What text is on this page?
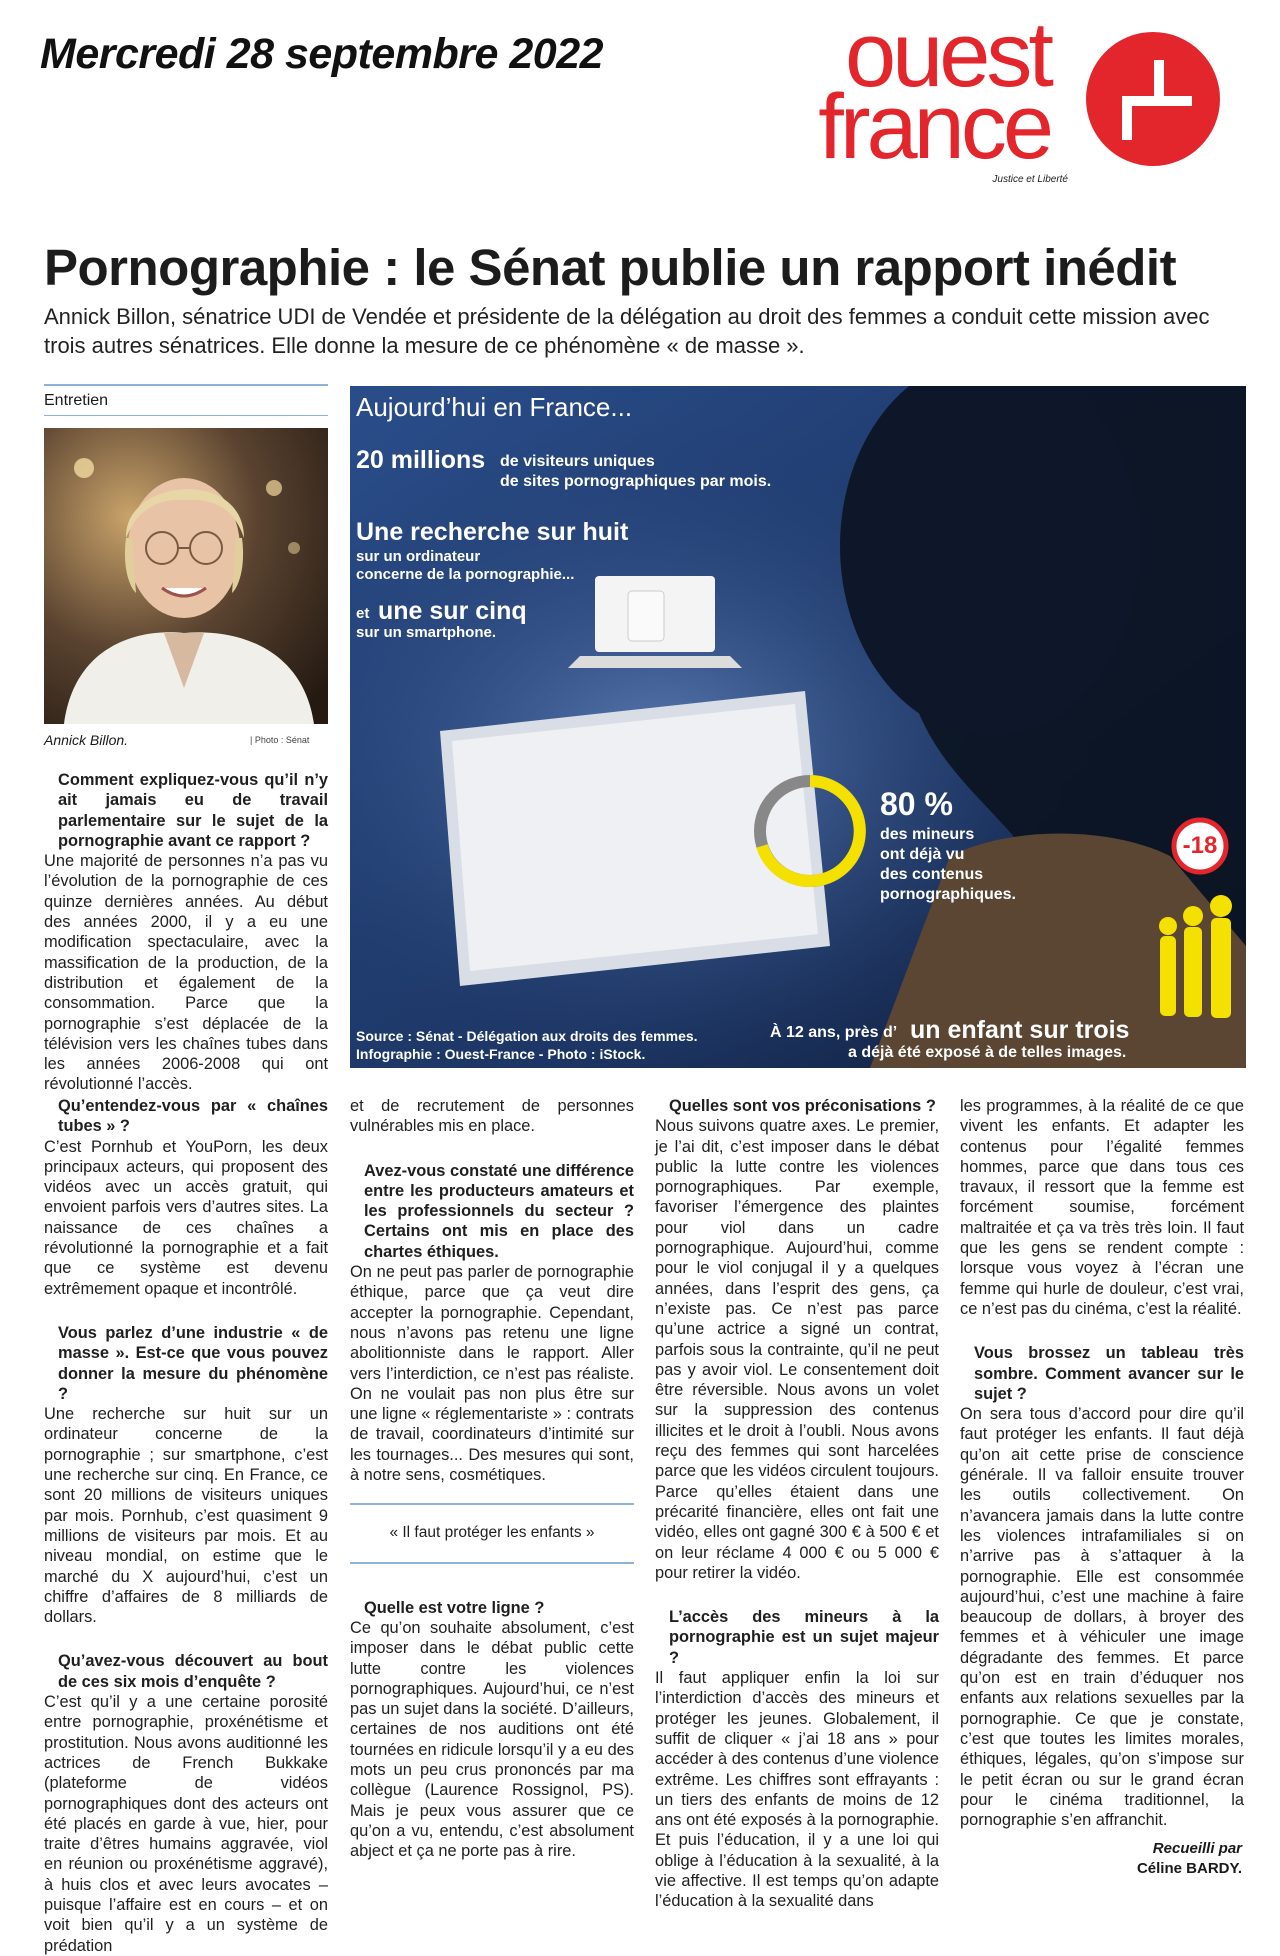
Mercredi 28 septembre 2022	ouest
france
Justice et Liberté
Pornographie : le Sénat publie un rapport inédit
Annick Billon, sénatrice UDI de Vendée et présidente de la délégation au droit des femmes a conduit cette mission avec trois autres sénatrices. Elle donne la mesure de ce phénomène « de masse ».
Entretien
Annick Billon.	| Photo : Sénat
Aujourd’hui en France...
20 millions de visiteurs uniques
de sites pornographiques par mois.
Une recherche sur huit
sur un ordinateur
concerne de la pornographie...
et une sur cinq
sur un smartphone.
80 %
des mineurs
ont déjà vu
des contenus
pornographiques.
-18
Source : Sénat - Délégation aux droits des femmes.
Infographie : Ouest-France - Photo : iStock.
À 12 ans, près d’ un enfant sur trois
a déjà été exposé à de telles images.

Comment expliquez-vous qu’il n’y ait jamais eu de travail parlementaire sur le sujet de la pornographie avant ce rapport ?

Une majorité de personnes n’a pas vu l’évolution de la pornographie de ces quinze dernières années. Au début des années 2000, il y a eu une modification spectaculaire, avec la massification de la production, de la distribution et également de la consommation. Parce que la pornographie s’est déplacée de la télévision vers les chaînes tubes dans les années 2006-2008 qui ont révolutionné l’accès.

Qu’entendez-vous par « chaînes tubes » ?

C’est Pornhub et YouPorn, les deux principaux acteurs, qui proposent des vidéos avec un accès gratuit, qui envoient parfois vers d’autres sites. La naissance de ces chaînes a révolutionné la pornographie et a fait que ce système est devenu extrêmement opaque et incontrôlé.

Vous parlez d’une industrie « de masse ». Est-ce que vous pouvez donner la mesure du phénomène ?

Une recherche sur huit sur un ordinateur concerne de la pornographie ; sur smartphone, c’est une recherche sur cinq. En France, ce sont 20 millions de visiteurs uniques par mois. Pornhub, c’est quasiment 9 millions de visiteurs par mois. Et au niveau mondial, on estime que le marché du X aujourd’hui, c’est un chiffre d’affaires de 8 milliards de dollars.

Qu’avez-vous découvert au bout de ces six mois d’enquête ?

C’est qu’il y a une certaine porosité entre pornographie, proxénétisme et prostitution. Nous avons auditionné les actrices de French Bukkake (plateforme de vidéos pornographiques dont des acteurs ont été placés en garde à vue, hier, pour traite d’êtres humains aggravée, viol en réunion ou proxénétisme aggravé), à huis clos et avec leurs avocates – puisque l’affaire est en cours – et on voit bien qu’il y a un système de prédation

et de recrutement de personnes vulnérables mis en place.

Avez-vous constaté une différence entre les producteurs amateurs et les professionnels du secteur ? Certains ont mis en place des chartes éthiques.

On ne peut pas parler de pornographie éthique, parce que ça veut dire accepter la pornographie. Cependant, nous n’avons pas retenu une ligne abolitionniste dans le rapport. Aller vers l’interdiction, ce n’est pas réaliste. On ne voulait pas non plus être sur une ligne « réglementariste » : contrats de travail, coordinateurs d’intimité sur les tournages... Des mesures qui sont, à notre sens, cosmétiques.

« Il faut protéger les enfants »

Quelle est votre ligne ?

Ce qu’on souhaite absolument, c’est imposer dans le débat public cette lutte contre les violences pornographiques. Aujourd’hui, ce n’est pas un sujet dans la société. D’ailleurs, certaines de nos auditions ont été tournées en ridicule lorsqu’il y a eu des mots un peu crus prononcés par ma collègue (Laurence Rossignol, PS). Mais je peux vous assurer que ce qu’on a vu, entendu, c’est absolument abject et ça ne porte pas à rire.

Quelles sont vos préconisations ?

Nous suivons quatre axes. Le premier, je l’ai dit, c’est imposer dans le débat public la lutte contre les violences pornographiques. Par exemple, favoriser l’émergence des plaintes pour viol dans un cadre pornographique. Aujourd’hui, comme pour le viol conjugal il y a quelques années, dans l’esprit des gens, ça n’existe pas. Ce n’est pas parce qu’une actrice a signé un contrat, parfois sous la contrainte, qu’il ne peut pas y avoir viol. Le consentement doit être réversible. Nous avons un volet sur la suppression des contenus illicites et le droit à l’oubli. Nous avons reçu des femmes qui sont harcelées parce que les vidéos circulent toujours. Parce qu’elles étaient dans une précarité financière, elles ont fait une vidéo, elles ont gagné 300 € à 500 € et on leur réclame 4 000 € ou 5 000 € pour retirer la vidéo.

L’accès des mineurs à la pornographie est un sujet majeur ?

Il faut appliquer enfin la loi sur l’interdiction d’accès des mineurs et protéger les jeunes. Globalement, il suffit de cliquer « j’ai 18 ans » pour accéder à des contenus d’une violence extrême. Les chiffres sont effrayants : un tiers des enfants de moins de 12 ans ont été exposés à la pornographie. Et puis l’éducation, il y a une loi qui oblige à l’éducation à la sexualité, à la vie affective. Il est temps qu’on adapte l’éducation à la sexualité dans

les programmes, à la réalité de ce que vivent les enfants. Et adapter les contenus pour l’égalité femmes hommes, parce que dans tous ces travaux, il ressort que la femme est forcément soumise, forcément maltraitée et ça va très très loin. Il faut que les gens se rendent compte : lorsque vous voyez à l’écran une femme qui hurle de douleur, c’est vrai, ce n’est pas du cinéma, c’est la réalité.

Vous brossez un tableau très sombre. Comment avancer sur le sujet ?

On sera tous d’accord pour dire qu’il faut protéger les enfants. Il faut déjà qu’on ait cette prise de conscience générale. Il va falloir ensuite trouver les outils collectivement. On n’avancera jamais dans la lutte contre les violences intrafamiliales si on n’arrive pas à s’attaquer à la pornographie. Elle est consommée aujourd’hui, c’est une machine à faire beaucoup de dollars, à broyer des femmes et à véhiculer une image dégradante des femmes. Et parce qu’on est en train d’éduquer nos enfants aux relations sexuelles par la pornographie. Ce que je constate, c’est que toutes les limites morales, éthiques, légales, qu’on s’impose sur le petit écran ou sur le grand écran pour le cinéma traditionnel, la pornographie s’en affranchit.

Recueilli par
Céline BARDY.
